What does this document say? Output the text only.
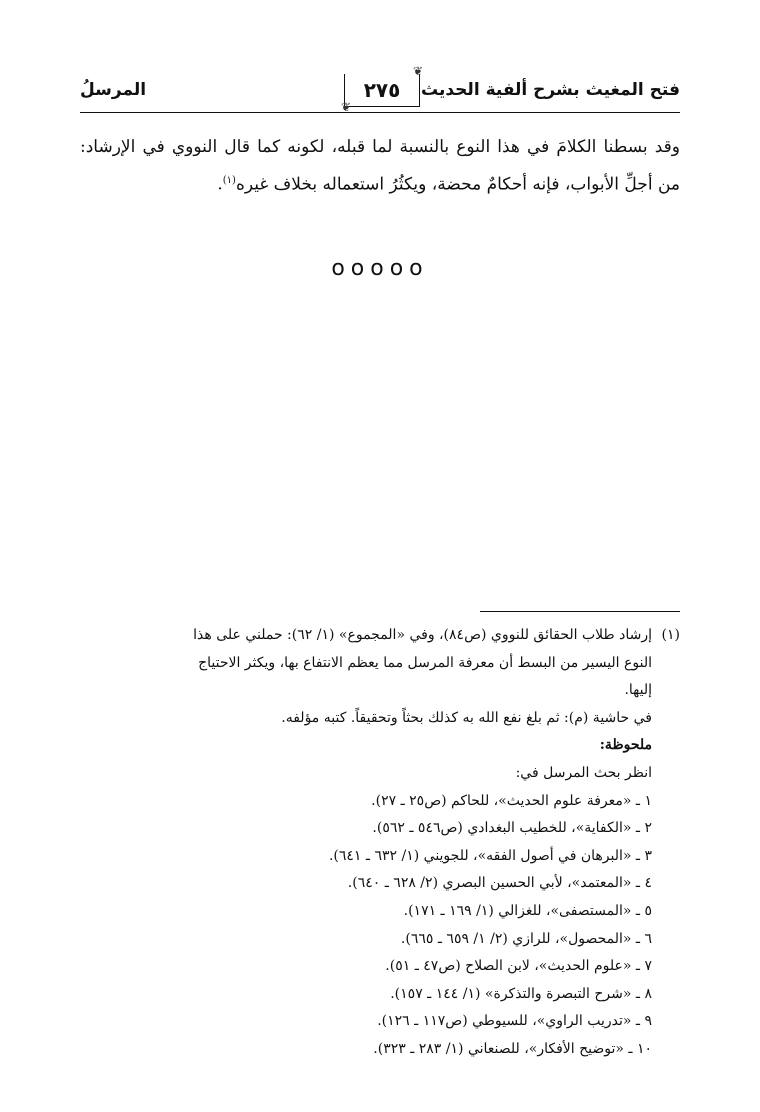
فتح المغيث بشرح ألفية الحديث
❦
٢٧٥
❦
المرسلُ
وقد بسطنا الكلامَ في هذا النوع بالنسبة لما قبله، لكونه كما قال النووي في الإرشاد: من أجلِّ الأبواب، فإنه أحكامٌ محضة، ويكثُرُ استعماله بخلاف غيره$^{(١)}$.
ooooo
(١)
إرشاد طلاب الحقائق للنووي (ص٨٤)، وفي «المجموع» (١/ ٦٢): حملني على هذا
النوع اليسير من البسط أن معرفة المرسل مما يعظم الانتفاع بها، ويكثر الاحتياج
إليها.
في حاشية (م): ثم بلغ نفع الله به كذلك بحثاً وتحقيقاً. كتبه مؤلفه.
ملحوظة:
انظر بحث المرسل في:
١ ـ «معرفة علوم الحديث»، للحاكم (ص٢٥ ـ ٢٧).
٢ ـ «الكفاية»، للخطيب البغدادي (ص٥٤٦ ـ ٥٦٢).
٣ ـ «البرهان في أصول الفقه»، للجويني (١/ ٦٣٢ ـ ٦٤١).
٤ ـ «المعتمد»، لأبي الحسين البصري (٢/ ٦٢٨ ـ ٦٤٠).
٥ ـ «المستصفى»، للغزالي (١/ ١٦٩ ـ ١٧١).
٦ ـ «المحصول»، للرازي (٢/ ١/ ٦٥٩ ـ ٦٦٥).
٧ ـ «علوم الحديث»، لابن الصلاح (ص٤٧ ـ ٥١).
٨ ـ «شرح التبصرة والتذكرة» (١/ ١٤٤ ـ ١٥٧).
٩ ـ «تدريب الراوي»، للسيوطي (ص١١٧ ـ ١٢٦).
١٠ ـ «توضيح الأفكار»، للصنعاني (١/ ٢٨٣ ـ ٣٢٣).
